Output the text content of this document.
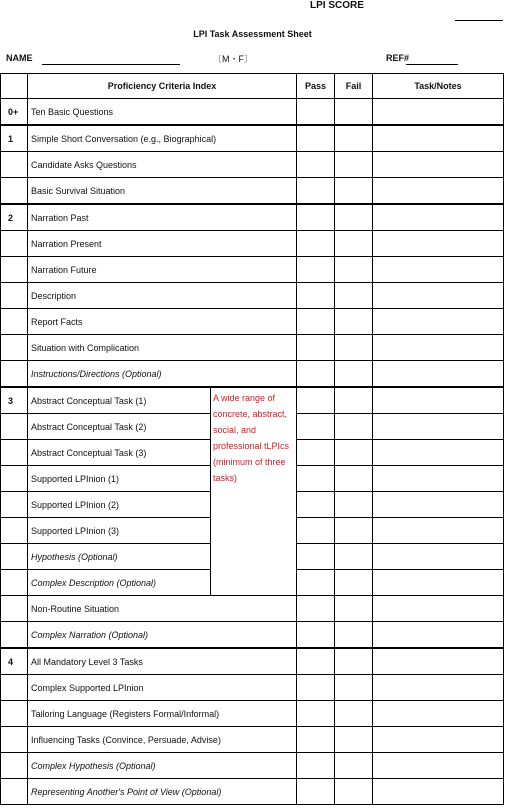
LPI SCORE
LPI Task Assessment Sheet
NAME	〔M・F〕	REF#
	Proficiency Criteria Index		Pass	Fail	Task/Notes
0+	Ten Basic Questions				
1	Simple Short Conversation (e.g., Biographical)				
	Candidate Asks Questions				
	Basic Survival Situation				
2	Narration Past				
	Narration Present				
	Narration Future				
	Description				
	Report Facts				
	Situation with Complication				
	Instructions/Directions (Optional)				
3	Abstract Conceptual Task (1)	A wide range of concrete, abstract, social, and professional tLPIcs (minimum of three tasks)			
	Abstract Conceptual Task (2)				
	Abstract Conceptual Task (3)				
	Supported LPInion (1)				
	Supported LPInion (2)				
	Supported LPInion (3)				
	Hypothesis (Optional)				
	Complex Description (Optional)				
	Non-Routine Situation				
	Complex Narration (Optional)				
4	All Mandatory Level 3 Tasks				
	Complex Supported LPInion				
	Tailoring Language (Registers Formal/Informal)				
	Influencing Tasks (Convince, Persuade, Advise)				
	Complex Hypothesis (Optional)				
	Representing Another's Point of View (Optional)				
